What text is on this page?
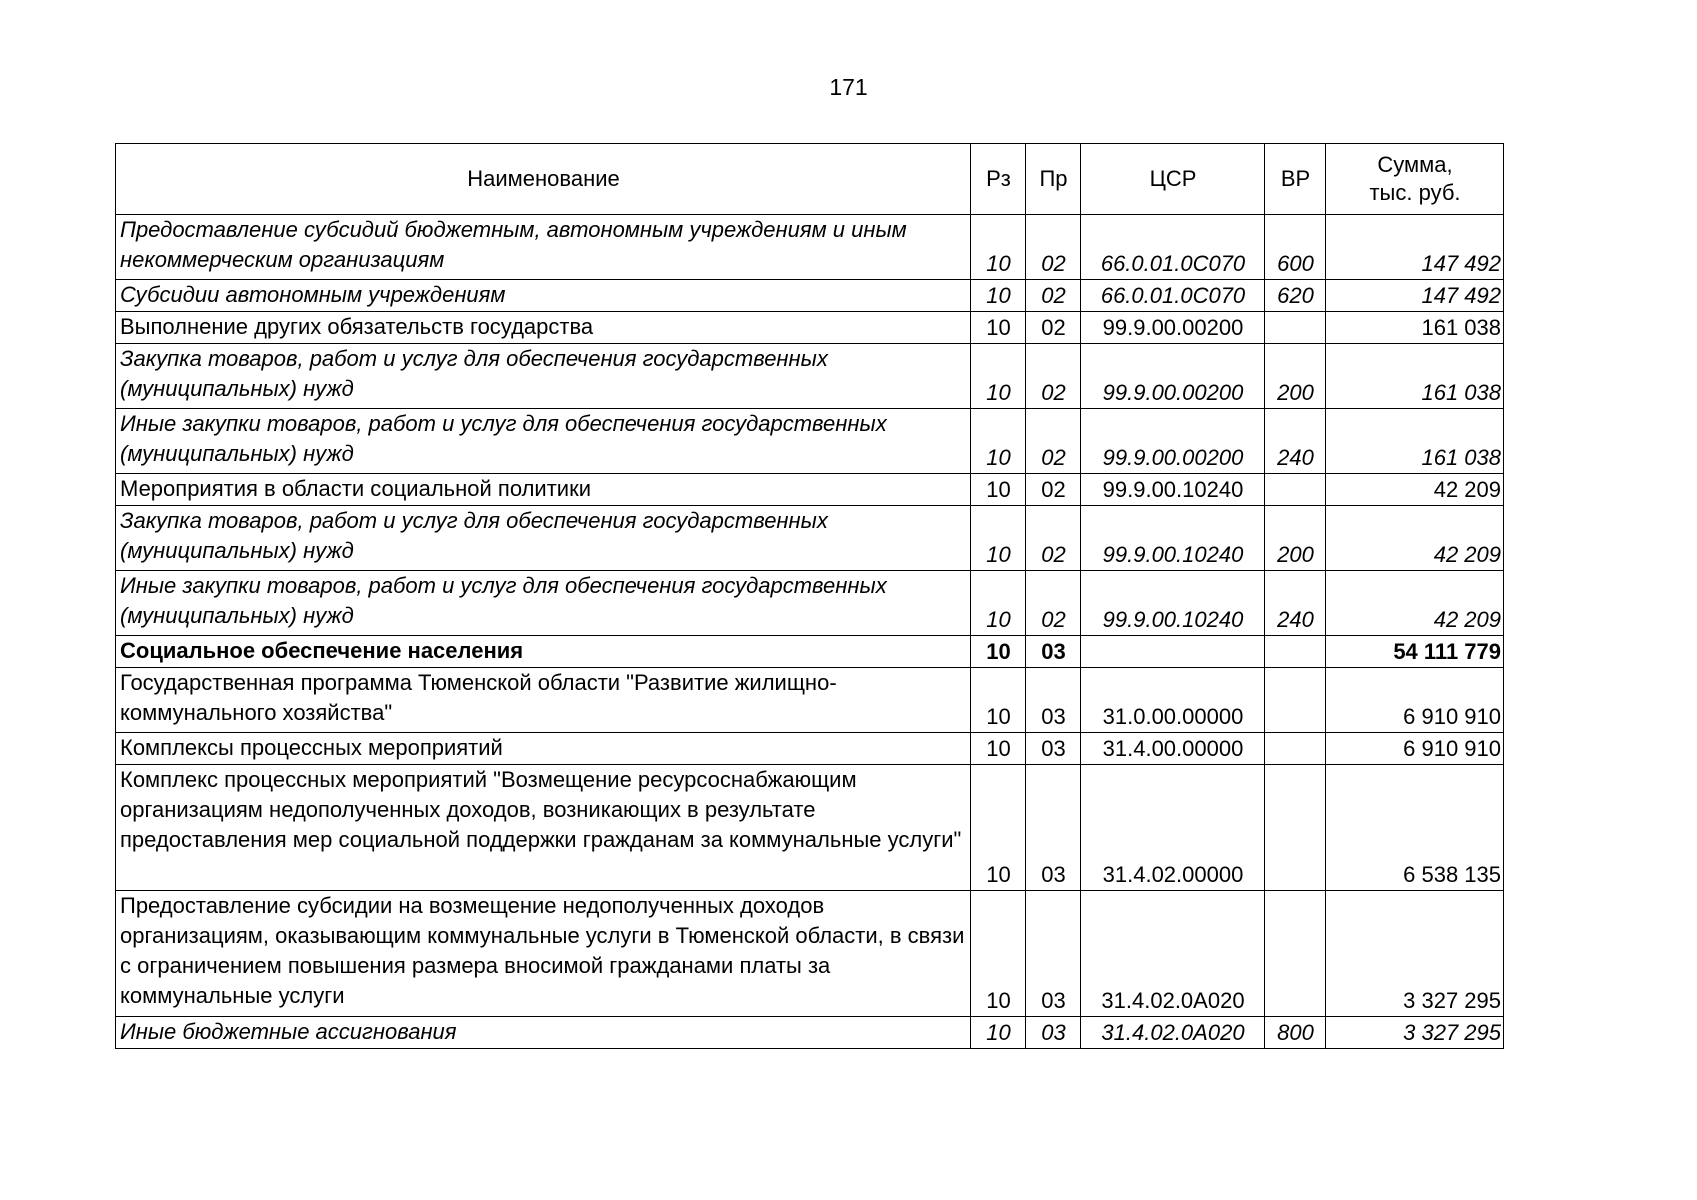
171
Наименование	Рз	Пр	ЦСР	ВР	Сумма,
тыс. руб.

Предоставление субсидий бюджетным, автономным учреждениям и иным некоммерческим организациям	10	02	66.0.01.0С070	600	147 492
Субсидии автономным учреждениям	10	02	66.0.01.0С070	620	147 492
Выполнение других обязательств государства	10	02	99.9.00.00200		161 038
Закупка товаров, работ и услуг для обеспечения государственных (муниципальных) нужд	10	02	99.9.00.00200	200	161 038
Иные закупки товаров, работ и услуг для обеспечения государственных (муниципальных) нужд	10	02	99.9.00.00200	240	161 038
Мероприятия в области социальной политики	10	02	99.9.00.10240		42 209
Закупка товаров, работ и услуг для обеспечения государственных (муниципальных) нужд	10	02	99.9.00.10240	200	42 209
Иные закупки товаров, работ и услуг для обеспечения государственных (муниципальных) нужд	10	02	99.9.00.10240	240	42 209
Социальное обеспечение населения	10	03			54 111 779
Государственная программа Тюменской области "Развитие жилищно-коммунального хозяйства"	10	03	31.0.00.00000		6 910 910
Комплексы процессных мероприятий	10	03	31.4.00.00000		6 910 910
Комплекс процессных мероприятий "Возмещение ресурсоснабжающим организациям недополученных доходов, возникающих в результате предоставления мер социальной поддержки гражданам за коммунальные услуги"	10	03	31.4.02.00000		6 538 135
Предоставление субсидии на возмещение недополученных доходов организациям, оказывающим коммунальные услуги в Тюменской области, в связи с ограничением повышения размера вносимой гражданами платы за коммунальные услуги	10	03	31.4.02.0А020		3 327 295
Иные бюджетные ассигнования	10	03	31.4.02.0А020	800	3 327 295
